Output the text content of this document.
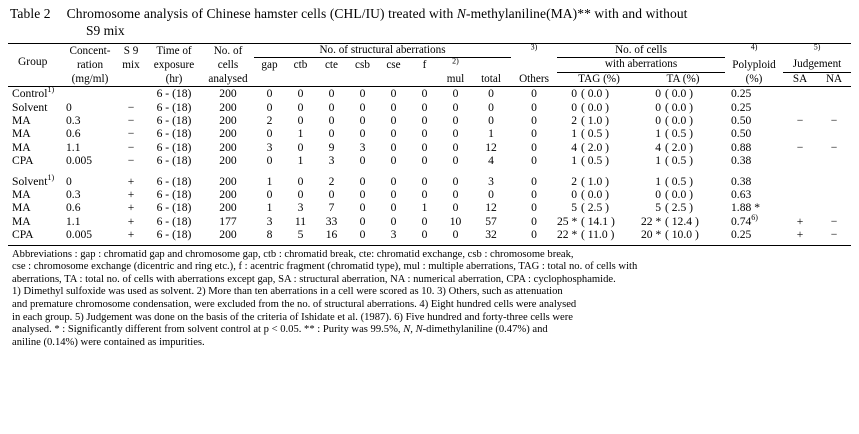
Table 2 Chromosome analysis of Chinese hamster cells (CHL/IU) treated with N-methylaniline(MA)** with and without
S9 mix
	Concent-	S 9	Time of	No. of	No. of structural aberrations								$^{3)}$	No. of cells		$^{4)}$	$^{5)}$
	ration	mix	exposure	cells	gap	ctb	cte	csb	cse	f	$^{2)}$		Others	with aberrations		Polyploid	Judgement	
	(mg/ml)		(hr)	analysed							mul	total		TAG (%)	TA (%)	(%)	SA	NA
Group
Control$^{1)}$			6 - (18)	200	0	0	0	0	0	0	0	0	0	0 ( 0.0 )	0 ( 0.0 )	0.25		
Solvent	0	−	6 - (18)	200	0	0	0	0	0	0	0	0	0	0 ( 0.0 )	0 ( 0.0 )	0.25		
MA	0.3	−	6 - (18)	200	2	0	0	0	0	0	0	0	0	2 ( 1.0 )	0 ( 0.0 )	0.50	−	−
MA	0.6	−	6 - (18)	200	0	1	0	0	0	0	0	1	0	1 ( 0.5 )	1 ( 0.5 )	0.50		
MA	1.1	−	6 - (18)	200	3	0	9	3	0	0	0	12	0	4 ( 2.0 )	4 ( 2.0 )	0.88	−	−
CPA	0.005	−	6 - (18)	200	0	1	3	0	0	0	0	4	0	1 ( 0.5 )	1 ( 0.5 )	0.38		

Solvent$^{1)}$	0	+	6 - (18)	200	1	0	2	0	0	0	0	3	0	2 ( 1.0 )	1 ( 0.5 )	0.38		
MA	0.3	+	6 - (18)	200	0	0	0	0	0	0	0	0	0	0 ( 0.0 )	0 ( 0.0 )	0.63		
MA	0.6	+	6 - (18)	200	1	3	7	0	0	1	0	12	0	5 ( 2.5 )	5 ( 2.5 )	1.88 *		
MA	1.1	+	6 - (18)	177	3	11	33	0	0	0	10	57	0	25 * ( 14.1 )	22 * ( 12.4 )	$0.74^{6)}$	+	−
CPA	0.005	+	6 - (18)	200	8	5	16	0	3	0	0	32	0	22 * ( 11.0 )	20 * ( 10.0 )	0.25	+	−

Abbreviations : gap : chromatid gap and chromosome gap, ctb : chromatid break, cte: chromatid exchange, csb : chromosome break,

cse : chromosome exchange (dicentric and ring etc.), f : acentric fragment (chromatid type), mul : multiple aberrations, TAG : total no. of cells with

aberrations, TA : total no. of cells with aberrations except gap, SA : structural aberration, NA : numerical aberration, CPA : cyclophosphamide.

1) Dimethyl sulfoxide was used as solvent. 2) More than ten aberrations in a cell were scored as 10. 3) Others, such as attenuation

and premature chromosome condensation, were excluded from the no. of structural aberrations. 4) Eight hundred cells were analysed

in each group. 5) Judgement was done on the basis of the criteria of Ishidate et al. (1987). 6) Five hundred and forty-three cells were

analysed. * : Significantly different from solvent control at p < 0.05. ** : Purity was 99.5%, N, N-dimethylaniline (0.47%) and

aniline (0.14%) were contained as impurities.
